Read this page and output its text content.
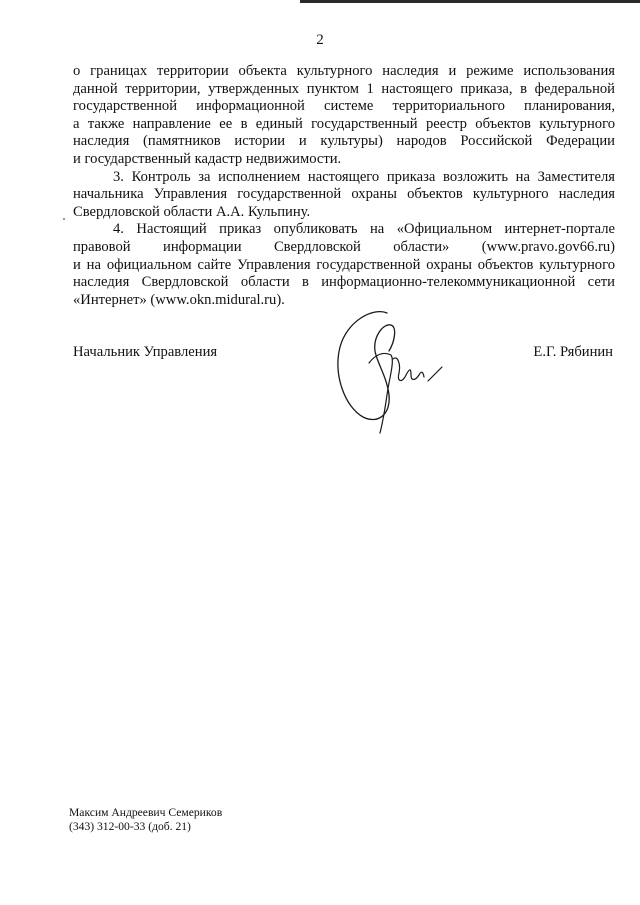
2

о границах территории объекта культурного наследия и режиме использования
данной территории, утвержденных пунктом 1 настоящего приказа, в федеральной
государственной информационной системе территориального планирования,
а также направление ее в единый государственный реестр объектов культурного
наследия (памятников истории и культуры) народов Российской Федерации
и государственный кадастр недвижимости.

3. Контроль за исполнением настоящего приказа возложить на Заместителя
начальника Управления государственной охраны объектов культурного наследия
Свердловской области А.А. Кульпину.

4. Настоящий приказ опубликовать на «Официальном интернет-портале
правовой информации Свердловской области» (www.pravo.gov66.ru)
и на официальном сайте Управления государственной охраны объектов культурного
наследия Свердловской области в информационно-телекоммуникационной сети
«Интернет» (www.okn.midural.ru).

Начальник Управления	Е.Г. Рябинин
Максим Андреевич Семериков
(343) 312-00-33 (доб. 21)
